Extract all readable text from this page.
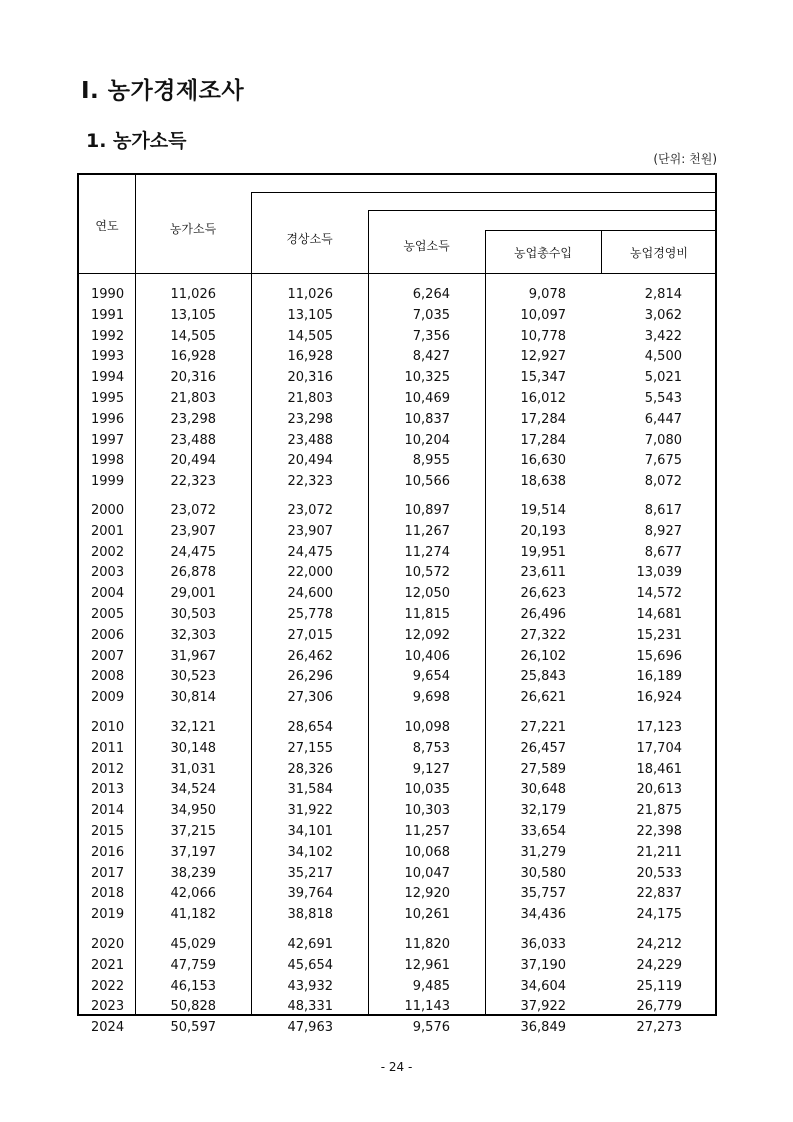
Ⅰ. 농가경제조사
1. 농가소득
(단위: 천원)
연도	농가소득
경상소득	농업소득	농업총수입	농업경영비
1990	11,026	11,026	6,264	9,078	2,814
1991	13,105	13,105	7,035	10,097	3,062
1992	14,505	14,505	7,356	10,778	3,422
1993	16,928	16,928	8,427	12,927	4,500
1994	20,316	20,316	10,325	15,347	5,021
1995	21,803	21,803	10,469	16,012	5,543
1996	23,298	23,298	10,837	17,284	6,447
1997	23,488	23,488	10,204	17,284	7,080
1998	20,494	20,494	8,955	16,630	7,675
1999	22,323	22,323	10,566	18,638	8,072
2000	23,072	23,072	10,897	19,514	8,617
2001	23,907	23,907	11,267	20,193	8,927
2002	24,475	24,475	11,274	19,951	8,677
2003	26,878	22,000	10,572	23,611	13,039
2004	29,001	24,600	12,050	26,623	14,572
2005	30,503	25,778	11,815	26,496	14,681
2006	32,303	27,015	12,092	27,322	15,231
2007	31,967	26,462	10,406	26,102	15,696
2008	30,523	26,296	9,654	25,843	16,189
2009	30,814	27,306	9,698	26,621	16,924
2010	32,121	28,654	10,098	27,221	17,123
2011	30,148	27,155	8,753	26,457	17,704
2012	31,031	28,326	9,127	27,589	18,461
2013	34,524	31,584	10,035	30,648	20,613
2014	34,950	31,922	10,303	32,179	21,875
2015	37,215	34,101	11,257	33,654	22,398
2016	37,197	34,102	10,068	31,279	21,211
2017	38,239	35,217	10,047	30,580	20,533
2018	42,066	39,764	12,920	35,757	22,837
2019	41,182	38,818	10,261	34,436	24,175
2020	45,029	42,691	11,820	36,033	24,212
2021	47,759	45,654	12,961	37,190	24,229
2022	46,153	43,932	9,485	34,604	25,119
2023	50,828	48,331	11,143	37,922	26,779
2024	50,597	47,963	9,576	36,849	27,273
- 24 -
